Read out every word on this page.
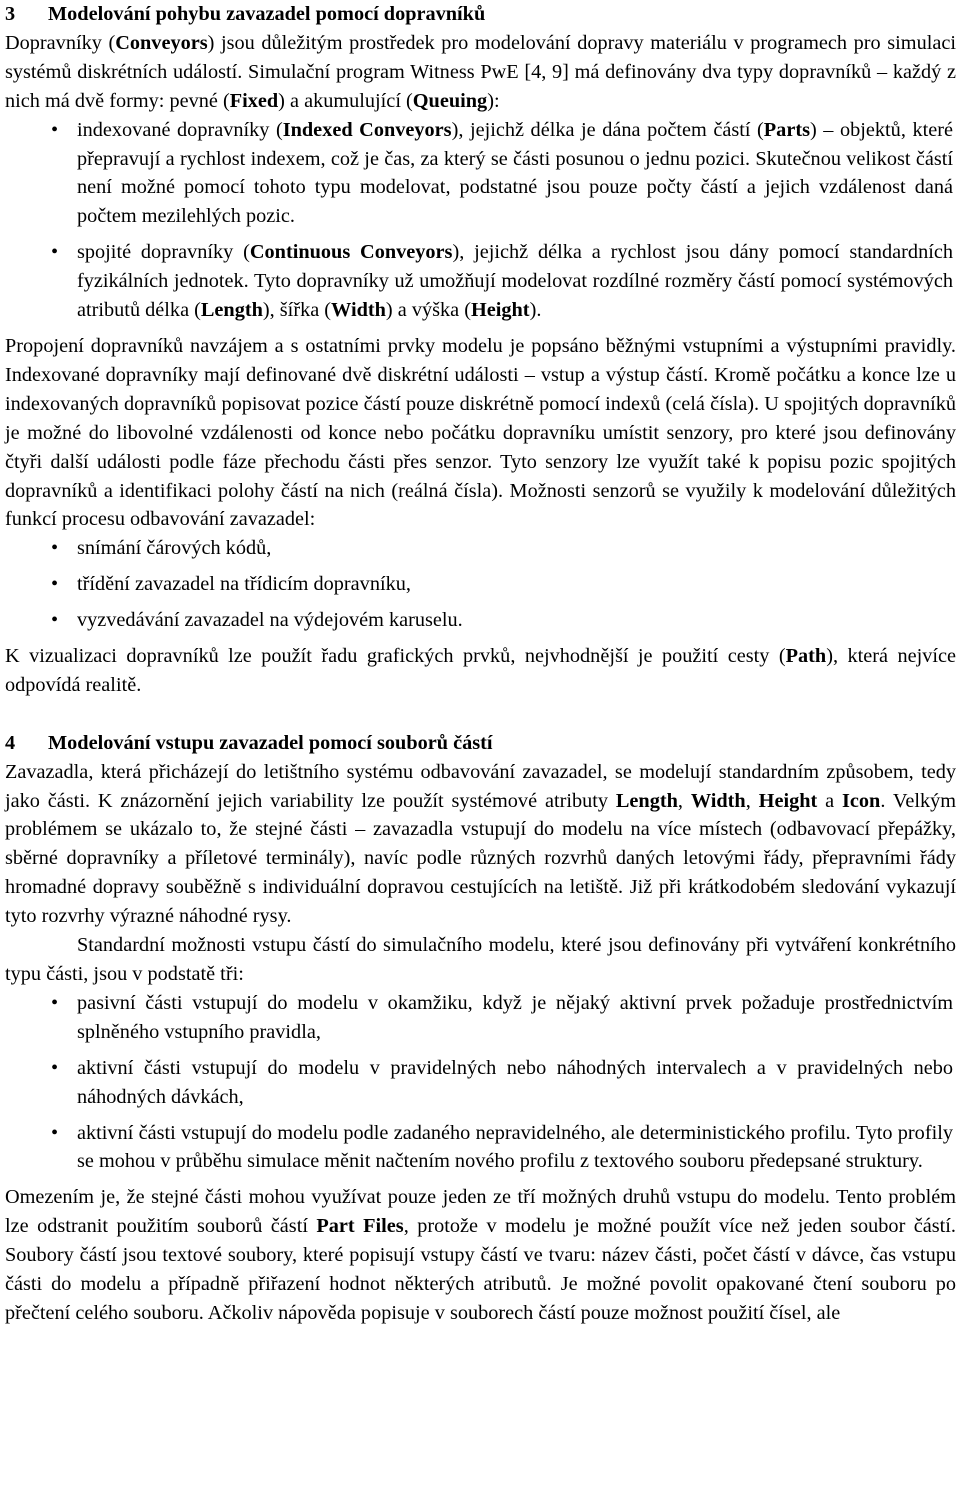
3 Modelování pohybu zavazadel pomocí dopravníků

Dopravníky (Conveyors) jsou důležitým prostředek pro modelování dopravy materiálu v programech pro simulaci systémů diskrétních událostí. Simulační program Witness PwE [4, 9] má definovány dva typy dopravníků – každý z nich má dvě formy: pevné (Fixed) a akumulující (Queuing):

• indexované dopravníky (Indexed Conveyors), jejichž délka je dána počtem částí (Parts) – objektů, které přepravují a rychlost indexem, což je čas, za který se části posunou o jednu pozici. Skutečnou velikost částí není možné pomocí tohoto typu modelovat, podstatné jsou pouze počty částí a jejich vzdálenost daná počtem mezilehlých pozic.
• spojité dopravníky (Continuous Conveyors), jejichž délka a rychlost jsou dány pomocí standardních fyzikálních jednotek. Tyto dopravníky už umožňují modelovat rozdílné rozměry částí pomocí systémových atributů délka (Length), šířka (Width) a výška (Height).

Propojení dopravníků navzájem a s ostatními prvky modelu je popsáno běžnými vstupními a výstupními pravidly. Indexované dopravníky mají definované dvě diskrétní události – vstup a výstup částí. Kromě počátku a konce lze u indexovaných dopravníků popisovat pozice částí pouze diskrétně pomocí indexů (celá čísla). U spojitých dopravníků je možné do libovolné vzdálenosti od konce nebo počátku dopravníku umístit senzory, pro které jsou definovány čtyři další události podle fáze přechodu části přes senzor. Tyto senzory lze využít také k popisu pozic spojitých dopravníků a identifikaci polohy částí na nich (reálná čísla). Možnosti senzorů se využily k modelování důležitých funkcí procesu odbavování zavazadel:

• snímání čárových kódů,
• třídění zavazadel na třídicím dopravníku,
• vyzvedávání zavazadel na výdejovém karuselu.

K vizualizaci dopravníků lze použít řadu grafických prvků, nejvhodnější je použití cesty (Path), která nejvíce odpovídá realitě.

4 Modelování vstupu zavazadel pomocí souborů částí

Zavazadla, která přicházejí do letištního systému odbavování zavazadel, se modelují standardním způsobem, tedy jako části. K znázornění jejich variability lze použít systémové atributy Length, Width, Height a Icon. Velkým problémem se ukázalo to, že stejné části – zavazadla vstupují do modelu na více místech (odbavovací přepážky, sběrné dopravníky a příletové terminály), navíc podle různých rozvrhů daných letovými řády, přepravními řády hromadné dopravy souběžně s individuální dopravou cestujících na letiště. Již při krátkodobém sledování vykazují tyto rozvrhy výrazné náhodné rysy.

Standardní možnosti vstupu částí do simulačního modelu, které jsou definovány při vytváření konkrétního typu části, jsou v podstatě tři:

• pasivní části vstupují do modelu v okamžiku, když je nějaký aktivní prvek požaduje prostřednictvím splněného vstupního pravidla,
• aktivní části vstupují do modelu v pravidelných nebo náhodných intervalech a v pravidelných nebo náhodných dávkách,
• aktivní části vstupují do modelu podle zadaného nepravidelného, ale deterministického profilu. Tyto profily se mohou v průběhu simulace měnit načtením nového profilu z textového souboru předepsané struktury.

Omezením je, že stejné části mohou využívat pouze jeden ze tří možných druhů vstupu do modelu. Tento problém lze odstranit použitím souborů částí Part Files, protože v modelu je možné použít více než jeden soubor částí. Soubory částí jsou textové soubory, které popisují vstupy částí ve tvaru: název části, počet částí v dávce, čas vstupu části do modelu a případně přiřazení hodnot některých atributů. Je možné povolit opakované čtení souboru po přečtení celého souboru. Ačkoliv nápověda popisuje v souborech částí pouze možnost použití čísel, ale
